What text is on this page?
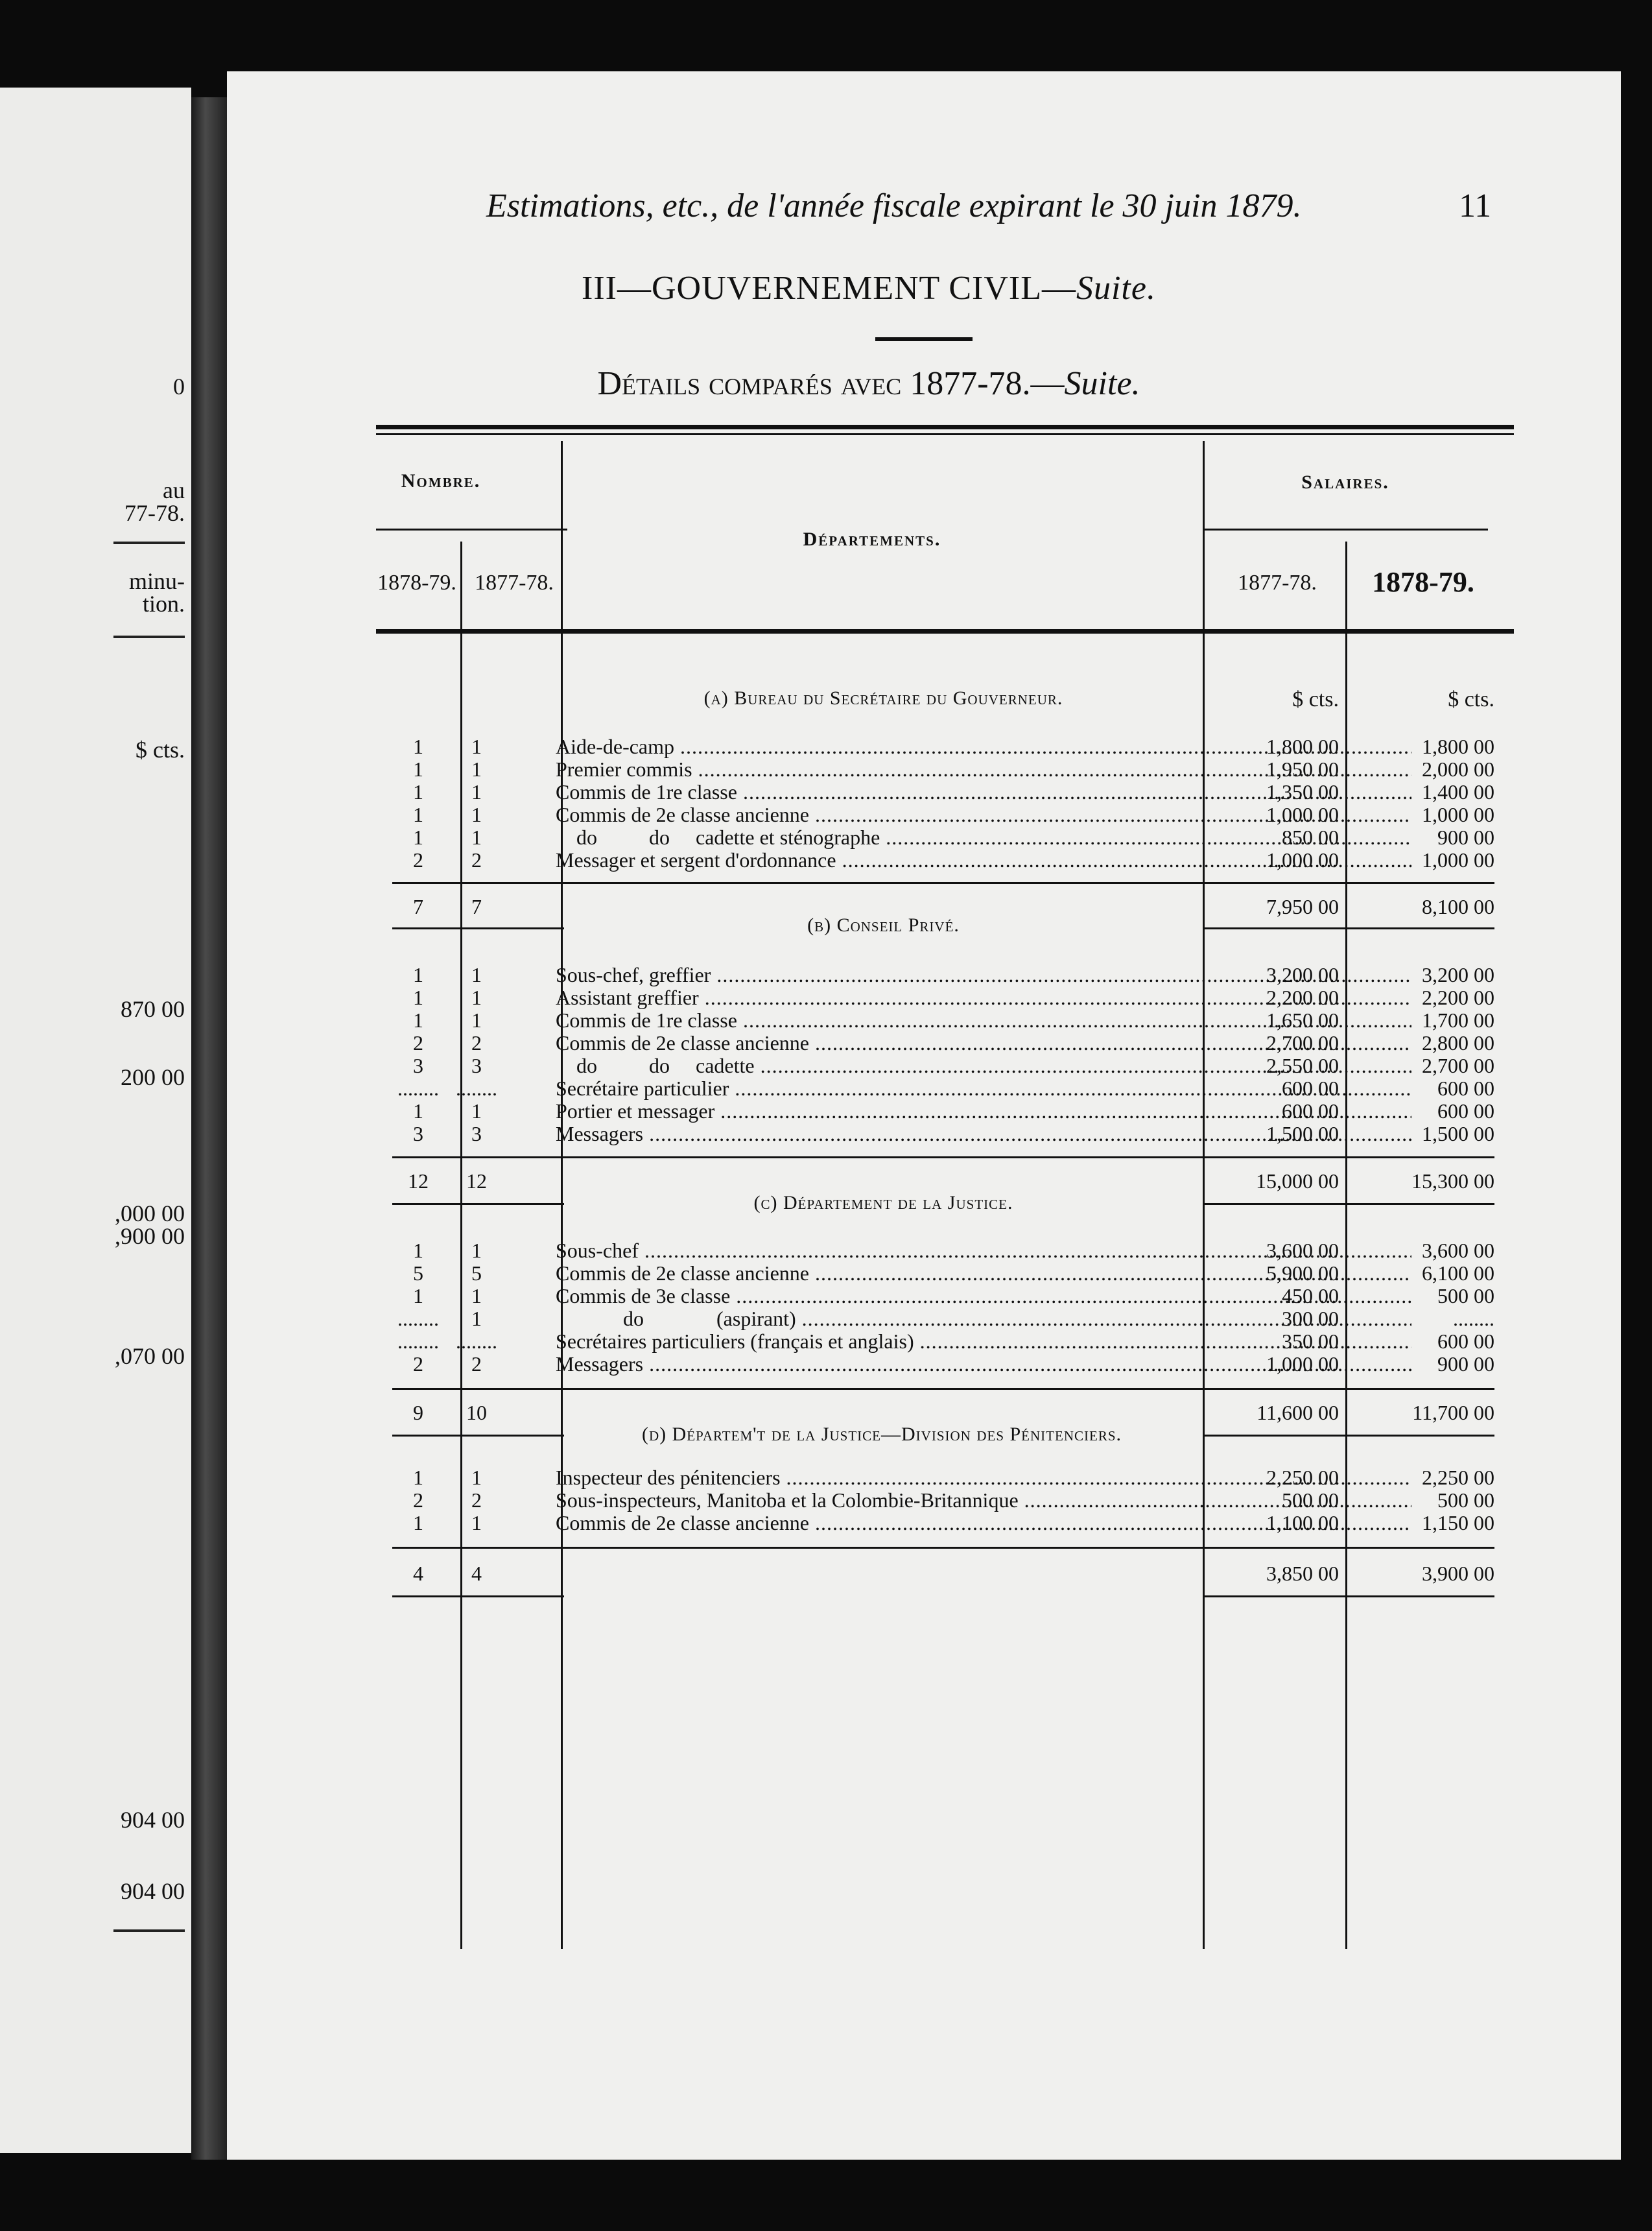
0
au
77-78.
minu-
tion.
$ cts.
870 00
200 00
,000 00
,900 00
,070 00
904 00
904 00
Estimations, etc., de l'année fiscale expirant le 30 juin 1879.	11
III—GOUVERNEMENT CIVIL—Suite.
Détails comparés avec 1877-78.—Suite.
Nombre.	Salaires.
Départements.
1878-79. 1877-78.	1877-78.	1878-79.
(a) Bureau du Secrétaire du Gouverneur.	$ cts.	$ cts.
1	1	Aide-de-camp .....	1,800 00	1,800 00
1	1	Premier commis .....	1,950 00	2,000 00
1	1	Commis de 1re classe .....	1,350 00	1,400 00
1	1	Commis de 2e classe ancienne .....	1,000 00	1,000 00
1	1	do          do     cadette et sténographe .....	850 00	900 00
2	2	Messager et sergent d'ordonnance .....	1,000 00	1,000 00
7	7	7,950 00	8,100 00
(b) Conseil Privé.
1	1	Sous-chef, greffier .....	3,200 00	3,200 00
1	1	Assistant greffier .....	2,200 00	2,200 00
1	1	Commis de 1re classe .....	1,650 00	1,700 00
2	2	Commis de 2e classe ancienne .....	2,700 00	2,800 00
3	3	do          do     cadette .....	2,550 00	2,700 00
........ ........	Secrétaire particulier .....	600 00	600 00
1	1	Portier et messager .....	600 00	600 00
3	3	Messagers .....	1,500 00	1,500 00
12	12	15,000 00	15,300 00
(c) Département de la Justice.
1	1	Sous-chef .....	3,600 00	3,600 00
5	5	Commis de 2e classe ancienne .....	5,900 00	6,100 00
1	1	Commis de 3e classe .....	450 00	500 00
........	1	do              (aspirant) .....	300 00	........
........ ........	Secrétaires particuliers (français et anglais) .....	350 00	600 00
2	2	Messagers .....	1,000 00	900 00
9	10	11,600 00	11,700 00
(d) Départem't de la Justice—Division des Pénitenciers.
1	1	Inspecteur des pénitenciers .....	2,250 00	2,250 00
2	2	Sous-inspecteurs, Manitoba et la Colombie-Britannique .....	500 00	500 00
1	1	Commis de 2e classe ancienne .....	1,100 00	1,150 00
4	4	3,850 00	3,900 00
